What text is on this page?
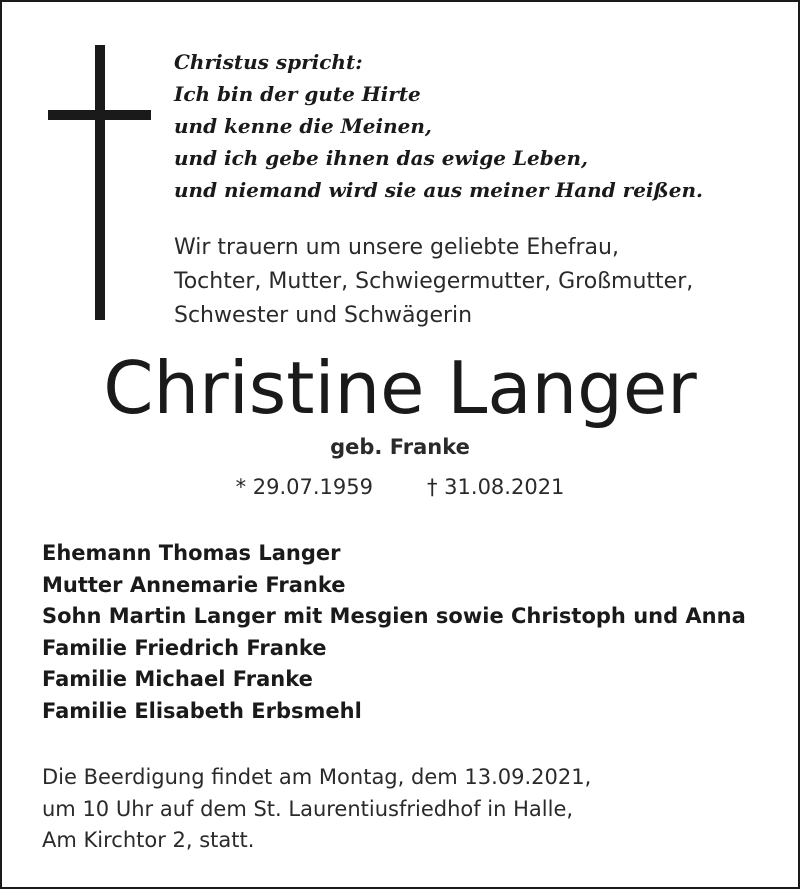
Christus spricht:
Ich bin der gute Hirte
und kenne die Meinen,
und ich gebe ihnen das ewige Leben,
und niemand wird sie aus meiner Hand reißen.
Wir trauern um unsere geliebte Ehefrau,
Tochter, Mutter, Schwiegermutter, Großmutter,
Schwester und Schwägerin
Christine Langer
geb. Franke
* 29.07.1959	† 31.08.2021
Ehemann Thomas Langer
Mutter Annemarie Franke
Sohn Martin Langer mit Mesgien sowie Christoph und Anna
Familie Friedrich Franke
Familie Michael Franke
Familie Elisabeth Erbsmehl
Die Beerdigung findet am Montag, dem 13.09.2021,
um 10 Uhr auf dem St. Laurentiusfriedhof in Halle,
Am Kirchtor 2, statt.
